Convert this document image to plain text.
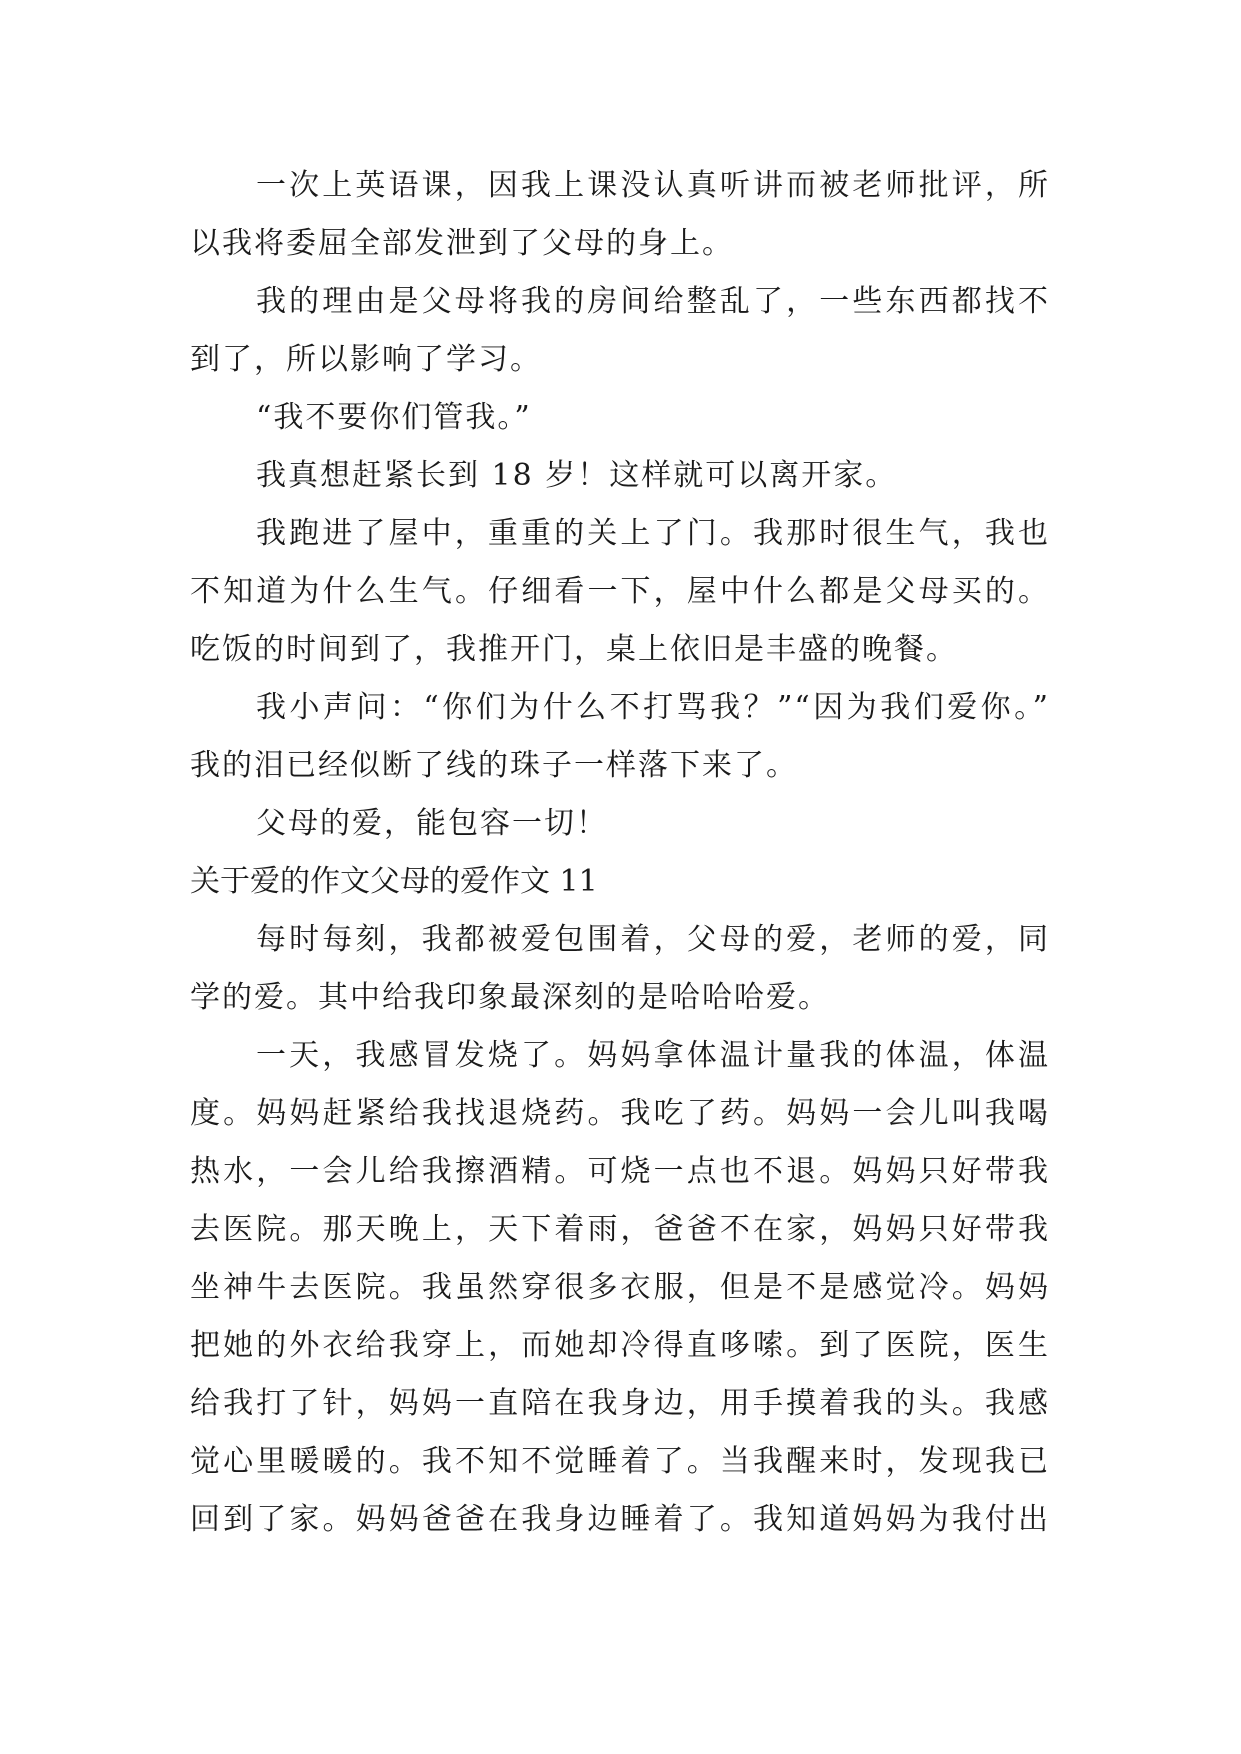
一次上英语课，因我上课没认真听讲而被老师批评，所
以我将委屈全部发泄到了父母的身上。
我的理由是父母将我的房间给整乱了，一些东西都找不
到了，所以影响了学习。
“我不要你们管我。”
我真想赶紧长到 18 岁！这样就可以离开家。
我跑进了屋中，重重的关上了门。我那时很生气，我也
不知道为什么生气。仔细看一下，屋中什么都是父母买的。
吃饭的时间到了，我推开门，桌上依旧是丰盛的晚餐。
我小声问：“你们为什么不打骂我？”“因为我们爱你。”
我的泪已经似断了线的珠子一样落下来了。
父母的爱，能包容一切！
关于爱的作文父母的爱作文 11
每时每刻，我都被爱包围着，父母的爱，老师的爱，同
学的爱。其中给我印象最深刻的是哈哈哈爱。
一天，我感冒发烧了。妈妈拿体温计量我的体温，体温
度。妈妈赶紧给我找退烧药。我吃了药。妈妈一会儿叫我喝
热水，一会儿给我擦酒精。可烧一点也不退。妈妈只好带我
去医院。那天晚上，天下着雨，爸爸不在家，妈妈只好带我
坐神牛去医院。我虽然穿很多衣服，但是不是感觉冷。妈妈
把她的外衣给我穿上，而她却冷得直哆嗦。到了医院，医生
给我打了针，妈妈一直陪在我身边，用手摸着我的头。我感
觉心里暖暖的。我不知不觉睡着了。当我醒来时，发现我已
回到了家。妈妈爸爸在我身边睡着了。我知道妈妈为我付出
